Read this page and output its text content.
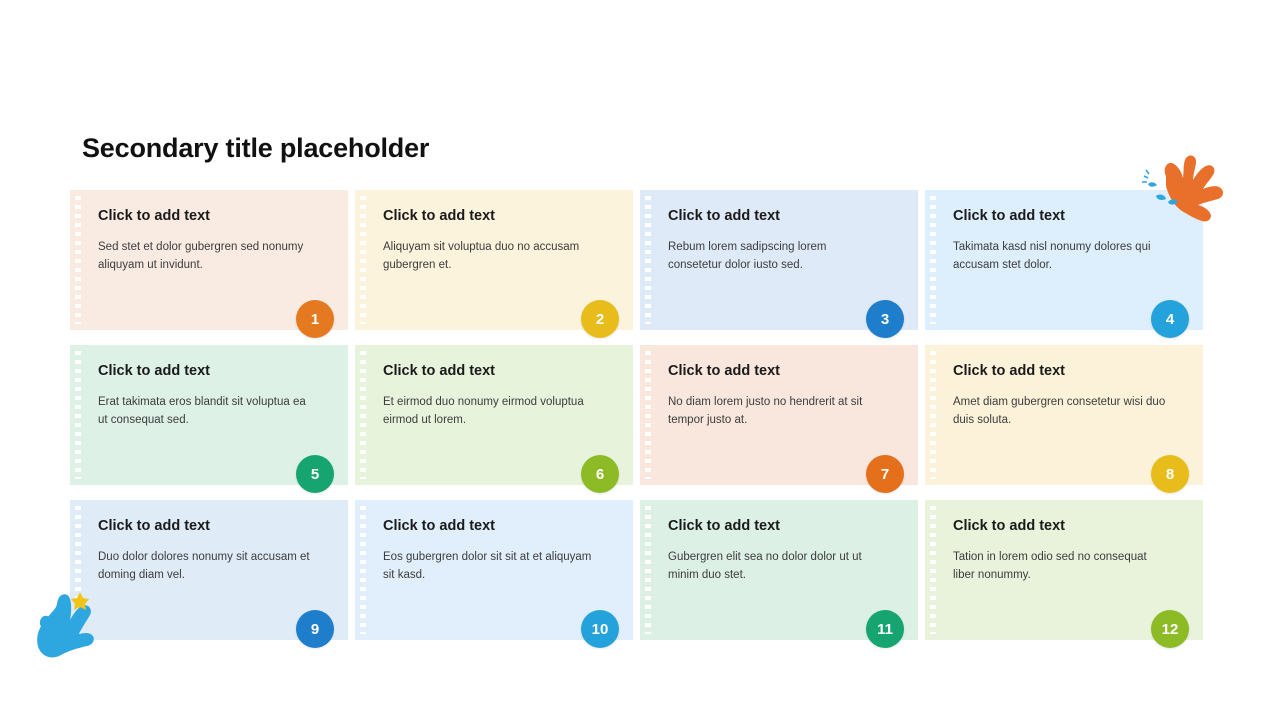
Secondary title placeholder
Click to add text
Sed stet et dolor gubergren sed nonumy aliquyam ut invidunt.
1
Click to add text
Aliquyam sit voluptua duo no accusam gubergren et.
2
Click to add text
Rebum lorem sadipscing lorem consetetur dolor iusto sed.
3
Click to add text
Takimata kasd nisl nonumy dolores qui accusam stet dolor.
4
Click to add text
Erat takimata eros blandit sit voluptua ea ut consequat sed.
5
Click to add text
Et eirmod duo nonumy eirmod voluptua eirmod ut lorem.
6
Click to add text
No diam lorem justo no hendrerit at sit tempor justo at.
7
Click to add text
Amet diam gubergren consetetur wisi duo duis soluta.
8
Click to add text
Duo dolor dolores nonumy sit accusam et doming diam vel.
9
Click to add text
Eos gubergren dolor sit sit at et aliquyam sit kasd.
10
Click to add text
Gubergren elit sea no dolor dolor ut ut minim duo stet.
11
Click to add text
Tation in lorem odio sed no consequat liber nonummy.
12
